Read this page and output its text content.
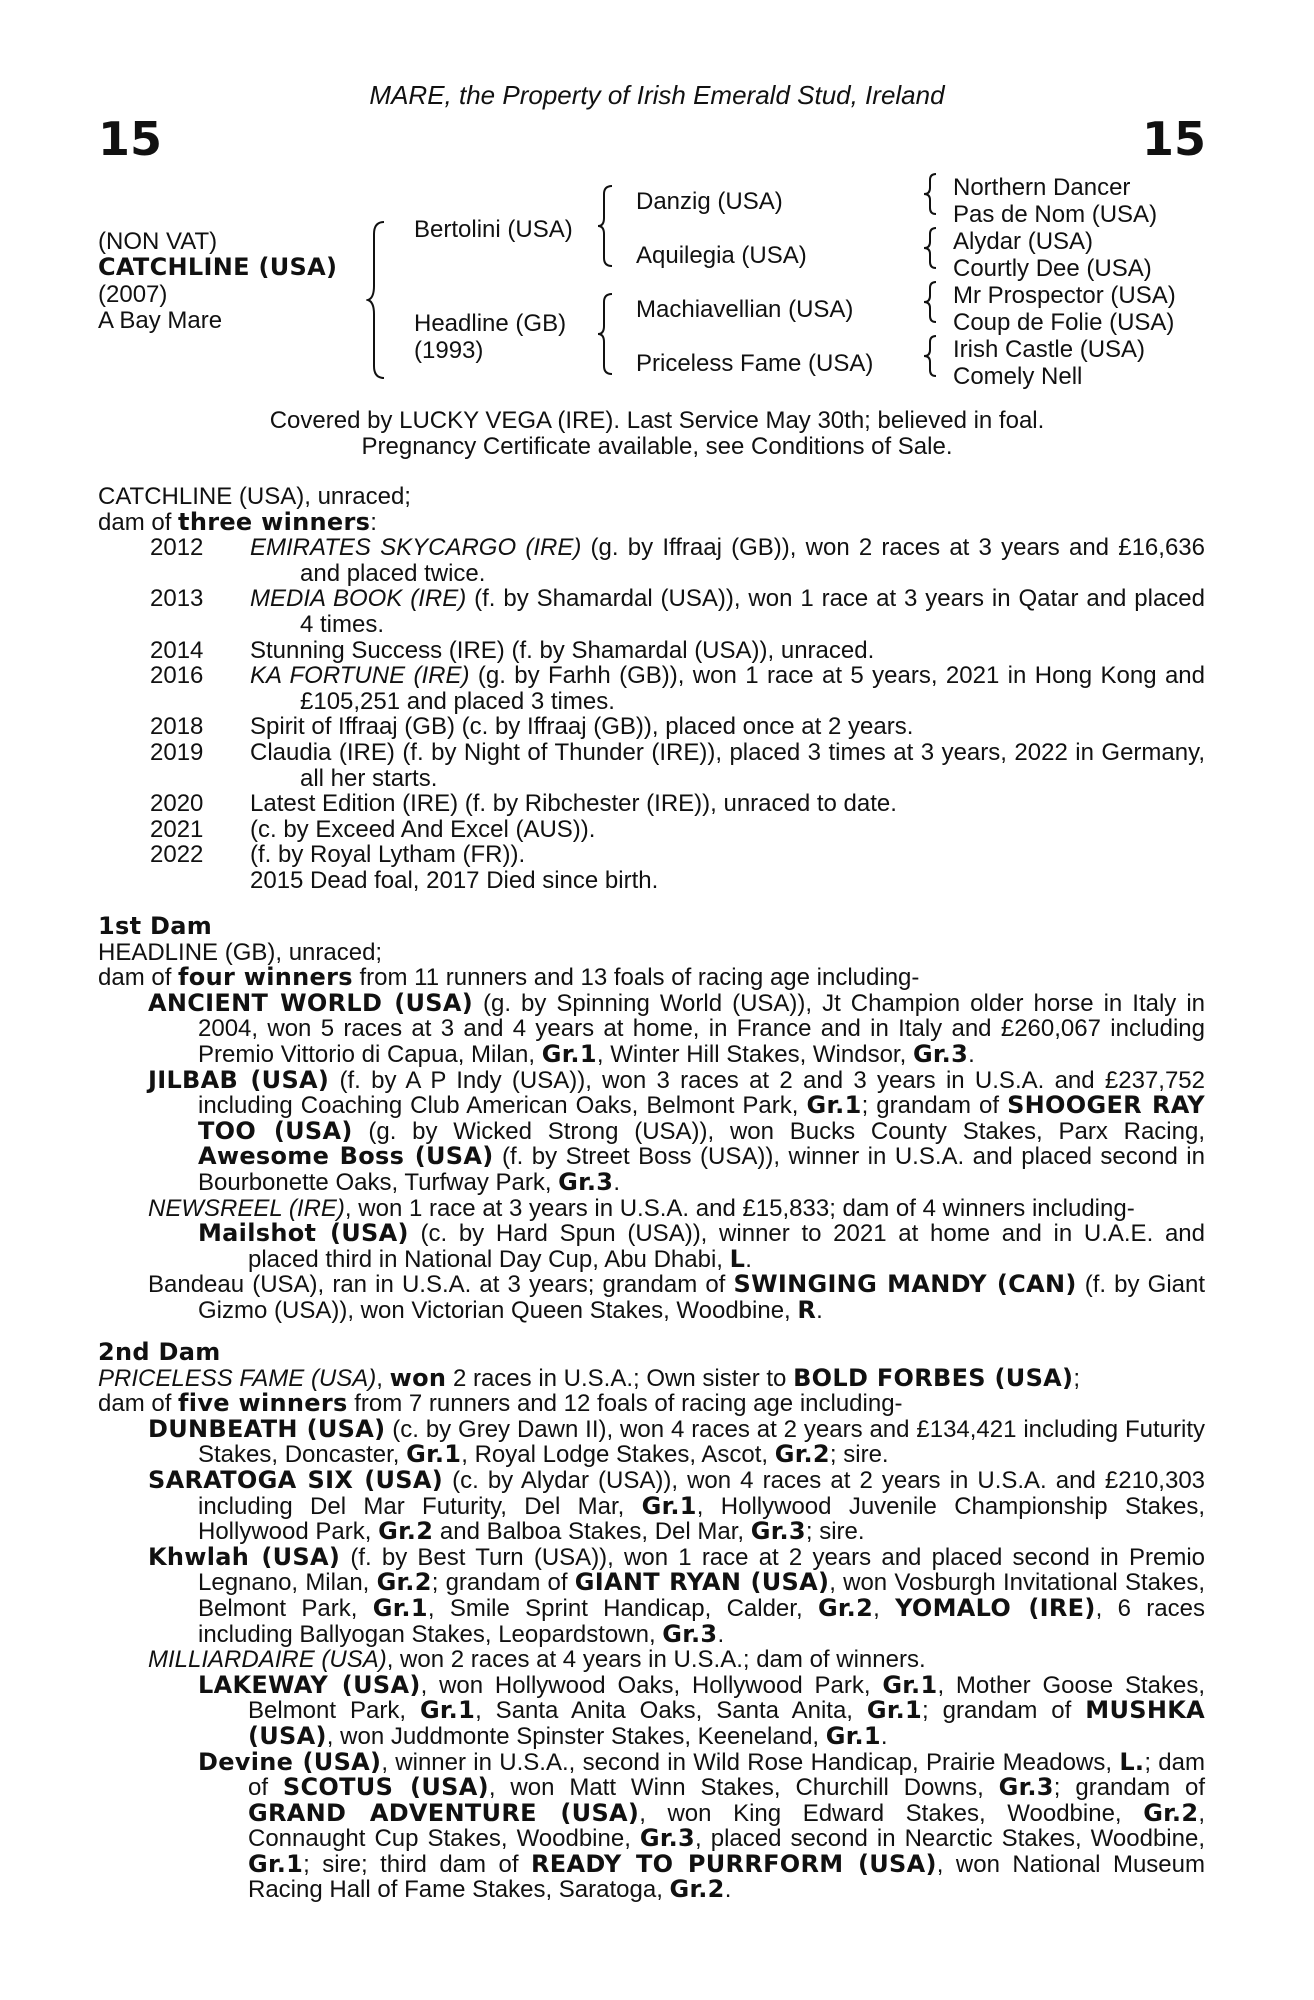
15	15
MARE, the Property of Irish Emerald Stud, Ireland
(NON VAT)
CATCHLINE (USA)
(2007)
A Bay Mare
Bertolini (USA)
Headline (GB)
(1993)
Danzig (USA)
Aquilegia (USA)
Machiavellian (USA)
Priceless Fame (USA)
Northern Dancer
Pas de Nom (USA)
Alydar (USA)
Courtly Dee (USA)
Mr Prospector (USA)
Coup de Folie (USA)
Irish Castle (USA)
Comely Nell
Covered by LUCKY VEGA (IRE). Last Service May 30th; believed in foal.
Pregnancy Certificate available, see Conditions of Sale.
CATCHLINE (USA), unraced;
dam of three winners:
2012	EMIRATES SKYCARGO (IRE) (g. by Iffraaj (GB)), won 2 races at 3 years and £16,636 and placed twice.
2013	MEDIA BOOK (IRE) (f. by Shamardal (USA)), won 1 race at 3 years in Qatar and placed 4 times.
2014	Stunning Success (IRE) (f. by Shamardal (USA)), unraced.
2016	KA FORTUNE (IRE) (g. by Farhh (GB)), won 1 race at 5 years, 2021 in Hong Kong and £105,251 and placed 3 times.
2018	Spirit of Iffraaj (GB) (c. by Iffraaj (GB)), placed once at 2 years.
2019	Claudia (IRE) (f. by Night of Thunder (IRE)), placed 3 times at 3 years, 2022 in Germany, all her starts.
2020	Latest Edition (IRE) (f. by Ribchester (IRE)), unraced to date.
2021	(c. by Exceed And Excel (AUS)).
2022	(f. by Royal Lytham (FR)).
2015 Dead foal, 2017 Died since birth.
1st Dam
HEADLINE (GB), unraced;
dam of four winners from 11 runners and 13 foals of racing age including-
ANCIENT WORLD (USA) (g. by Spinning World (USA)), Jt Champion older horse in Italy in 2004, won 5 races at 3 and 4 years at home, in France and in Italy and £260,067 including Premio Vittorio di Capua, Milan, Gr.1, Winter Hill Stakes, Windsor, Gr.3.
JILBAB (USA) (f. by A P Indy (USA)), won 3 races at 2 and 3 years in U.S.A. and £237,752 including Coaching Club American Oaks, Belmont Park, Gr.1; grandam of SHOOGER RAY TOO (USA) (g. by Wicked Strong (USA)), won Bucks County Stakes, Parx Racing, Awesome Boss (USA) (f. by Street Boss (USA)), winner in U.S.A. and placed second in Bourbonette Oaks, Turfway Park, Gr.3.
NEWSREEL (IRE), won 1 race at 3 years in U.S.A. and £15,833; dam of 4 winners including-
Mailshot (USA) (c. by Hard Spun (USA)), winner to 2021 at home and in U.A.E. and placed third in National Day Cup, Abu Dhabi, L.
Bandeau (USA), ran in U.S.A. at 3 years; grandam of SWINGING MANDY (CAN) (f. by Giant Gizmo (USA)), won Victorian Queen Stakes, Woodbine, R.
2nd Dam
PRICELESS FAME (USA), won 2 races in U.S.A.; Own sister to BOLD FORBES (USA);
dam of five winners from 7 runners and 12 foals of racing age including-
DUNBEATH (USA) (c. by Grey Dawn II), won 4 races at 2 years and £134,421 including Futurity Stakes, Doncaster, Gr.1, Royal Lodge Stakes, Ascot, Gr.2; sire.
SARATOGA SIX (USA) (c. by Alydar (USA)), won 4 races at 2 years in U.S.A. and £210,303 including Del Mar Futurity, Del Mar, Gr.1, Hollywood Juvenile Championship Stakes, Hollywood Park, Gr.2 and Balboa Stakes, Del Mar, Gr.3; sire.
Khwlah (USA) (f. by Best Turn (USA)), won 1 race at 2 years and placed second in Premio Legnano, Milan, Gr.2; grandam of GIANT RYAN (USA), won Vosburgh Invitational Stakes, Belmont Park, Gr.1, Smile Sprint Handicap, Calder, Gr.2, YOMALO (IRE), 6 races including Ballyogan Stakes, Leopardstown, Gr.3.
MILLIARDAIRE (USA), won 2 races at 4 years in U.S.A.; dam of winners.
LAKEWAY (USA), won Hollywood Oaks, Hollywood Park, Gr.1, Mother Goose Stakes, Belmont Park, Gr.1, Santa Anita Oaks, Santa Anita, Gr.1; grandam of MUSHKA (USA), won Juddmonte Spinster Stakes, Keeneland, Gr.1.
Devine (USA), winner in U.S.A., second in Wild Rose Handicap, Prairie Meadows, L.; dam of SCOTUS (USA), won Matt Winn Stakes, Churchill Downs, Gr.3; grandam of GRAND ADVENTURE (USA), won King Edward Stakes, Woodbine, Gr.2, Connaught Cup Stakes, Woodbine, Gr.3, placed second in Nearctic Stakes, Woodbine, Gr.1; sire; third dam of READY TO PURRFORM (USA), won National Museum Racing Hall of Fame Stakes, Saratoga, Gr.2.
